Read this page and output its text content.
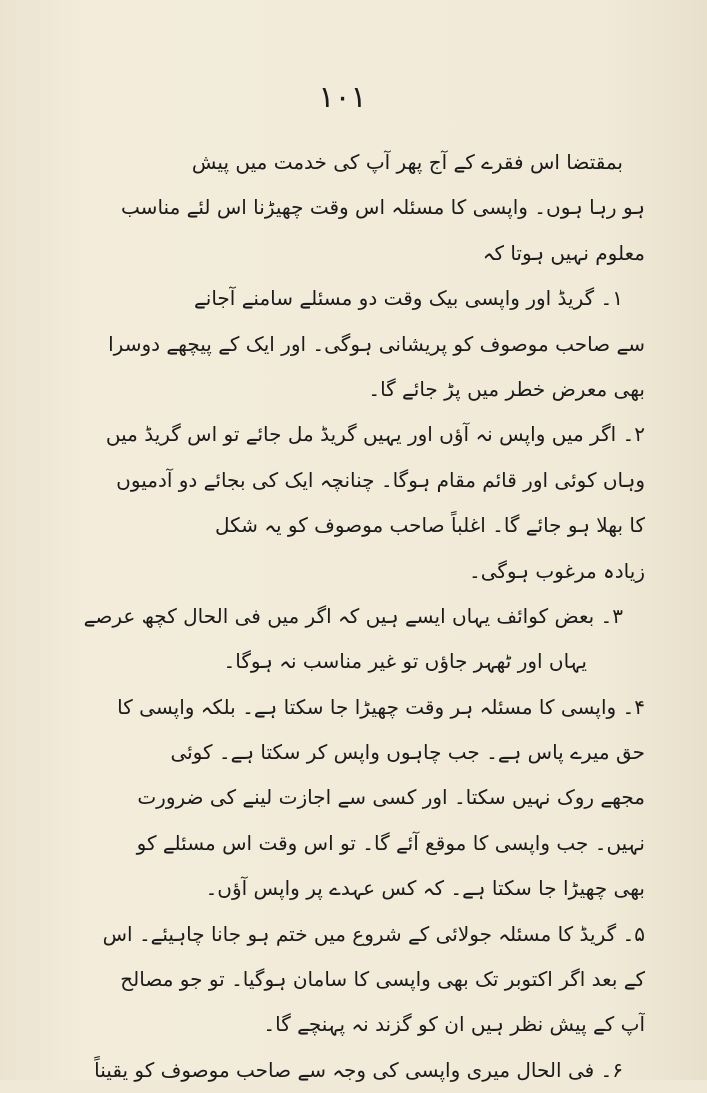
۱۰۱
بمقتضا اس فقرے کے آج پھر آپ کی خدمت میں پیش
ہو رہا ہوں۔ واپسی کا مسئلہ اس وقت چھیڑنا اس لئے مناسب
معلوم نہیں ہوتا کہ
۱۔ گریڈ اور واپسی بیک وقت دو مسئلے سامنے آجانے
سے صاحب موصوف کو پریشانی ہوگی۔ اور ایک کے پیچھے دوسرا
بھی معرض خطر میں پڑ جائے گا۔
۲۔ اگر میں واپس نہ آؤں اور یہیں گریڈ مل جائے تو اس گریڈ میں
وہاں کوئی اور قائم مقام ہوگا۔ چنانچہ ایک کی بجائے دو آدمیوں
کا بھلا ہو جائے گا۔ اغلباً صاحب موصوف کو یہ شکل
زیادہ مرغوب ہوگی۔
۳۔ بعض کوائف یہاں ایسے ہیں کہ اگر میں فی الحال کچھ عرصے
یہاں اور ٹھہر جاؤں تو غیر مناسب نہ ہوگا۔
۴۔ واپسی کا مسئلہ ہر وقت چھیڑا جا سکتا ہے۔ بلکہ واپسی کا
حق میرے پاس ہے۔ جب چاہوں واپس کر سکتا ہے۔ کوئی
مجھے روک نہیں سکتا۔ اور کسی سے اجازت لینے کی ضرورت
نہیں۔ جب واپسی کا موقع آئے گا۔ تو اس وقت اس مسئلے کو
بھی چھیڑا جا سکتا ہے۔ کہ کس عہدے پر واپس آؤں۔
۵۔ گریڈ کا مسئلہ جولائی کے شروع میں ختم ہو جانا چاہیئے۔ اس
کے بعد اگر اکتوبر تک بھی واپسی کا سامان ہوگیا۔ تو جو مصالح
آپ کے پیش نظر ہیں ان کو گزند نہ پہنچے گا۔
۶۔ فی الحال میری واپسی کی وجہ سے صاحب موصوف کو یقیناً
